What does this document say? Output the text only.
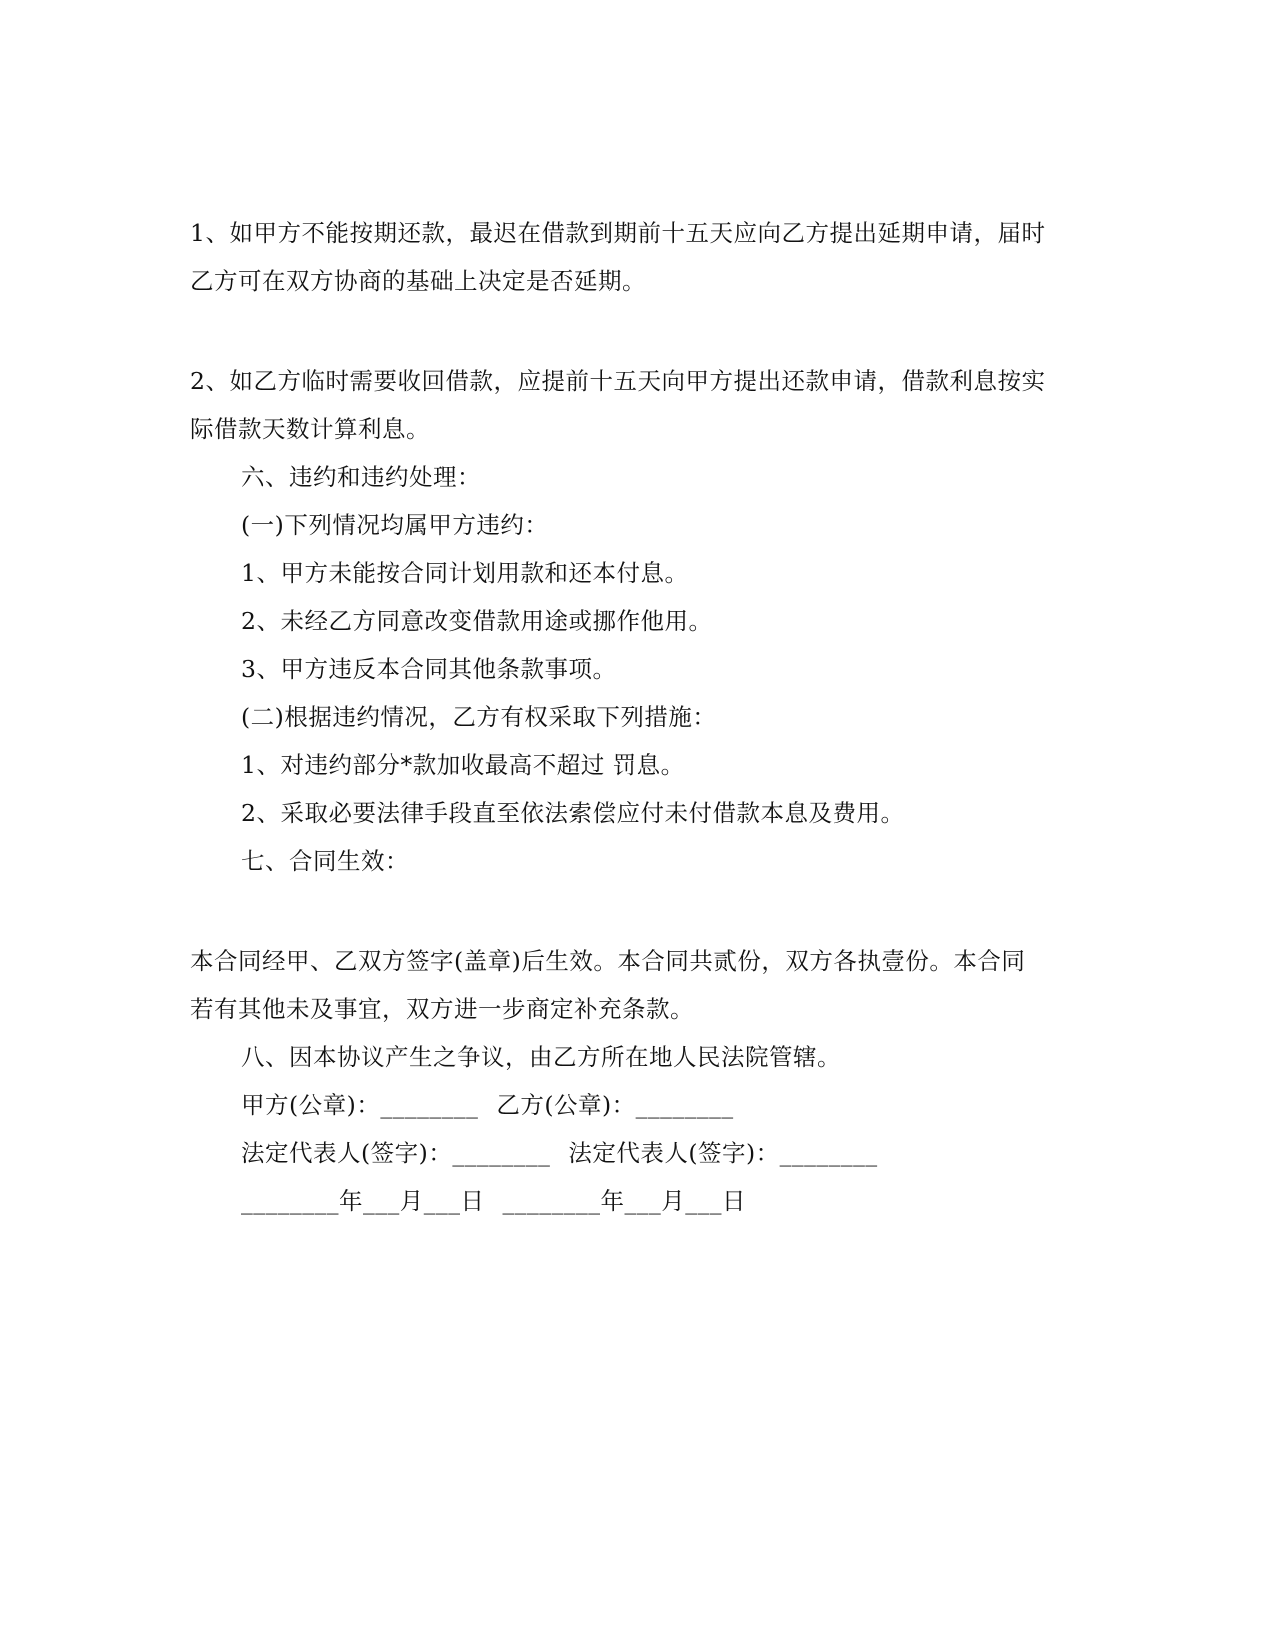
1、如甲方不能按期还款，最迟在借款到期前十五天应向乙方提出延期申请，届时
乙方可在双方协商的基础上决定是否延期。
2、如乙方临时需要收回借款，应提前十五天向甲方提出还款申请，借款利息按实
际借款天数计算利息。
六、违约和违约处理：
(一)下列情况均属甲方违约：
1、甲方未能按合同计划用款和还本付息。
2、未经乙方同意改变借款用途或挪作他用。
3、甲方违反本合同其他条款事项。
(二)根据违约情况，乙方有权采取下列措施：
1、对违约部分*款加收最高不超过 罚息。
2、采取必要法律手段直至依法索偿应付未付借款本息及费用。
七、合同生效：
本合同经甲、乙双方签字(盖章)后生效。本合同共贰份，双方各执壹份。本合同
若有其他未及事宜，双方进一步商定补充条款。
八、因本协议产生之争议，由乙方所在地人民法院管辖。
甲方(公章)：________ 乙方(公章)：________
法定代表人(签字)：________ 法定代表人(签字)：________
________年___月___日 ________年___月___日
